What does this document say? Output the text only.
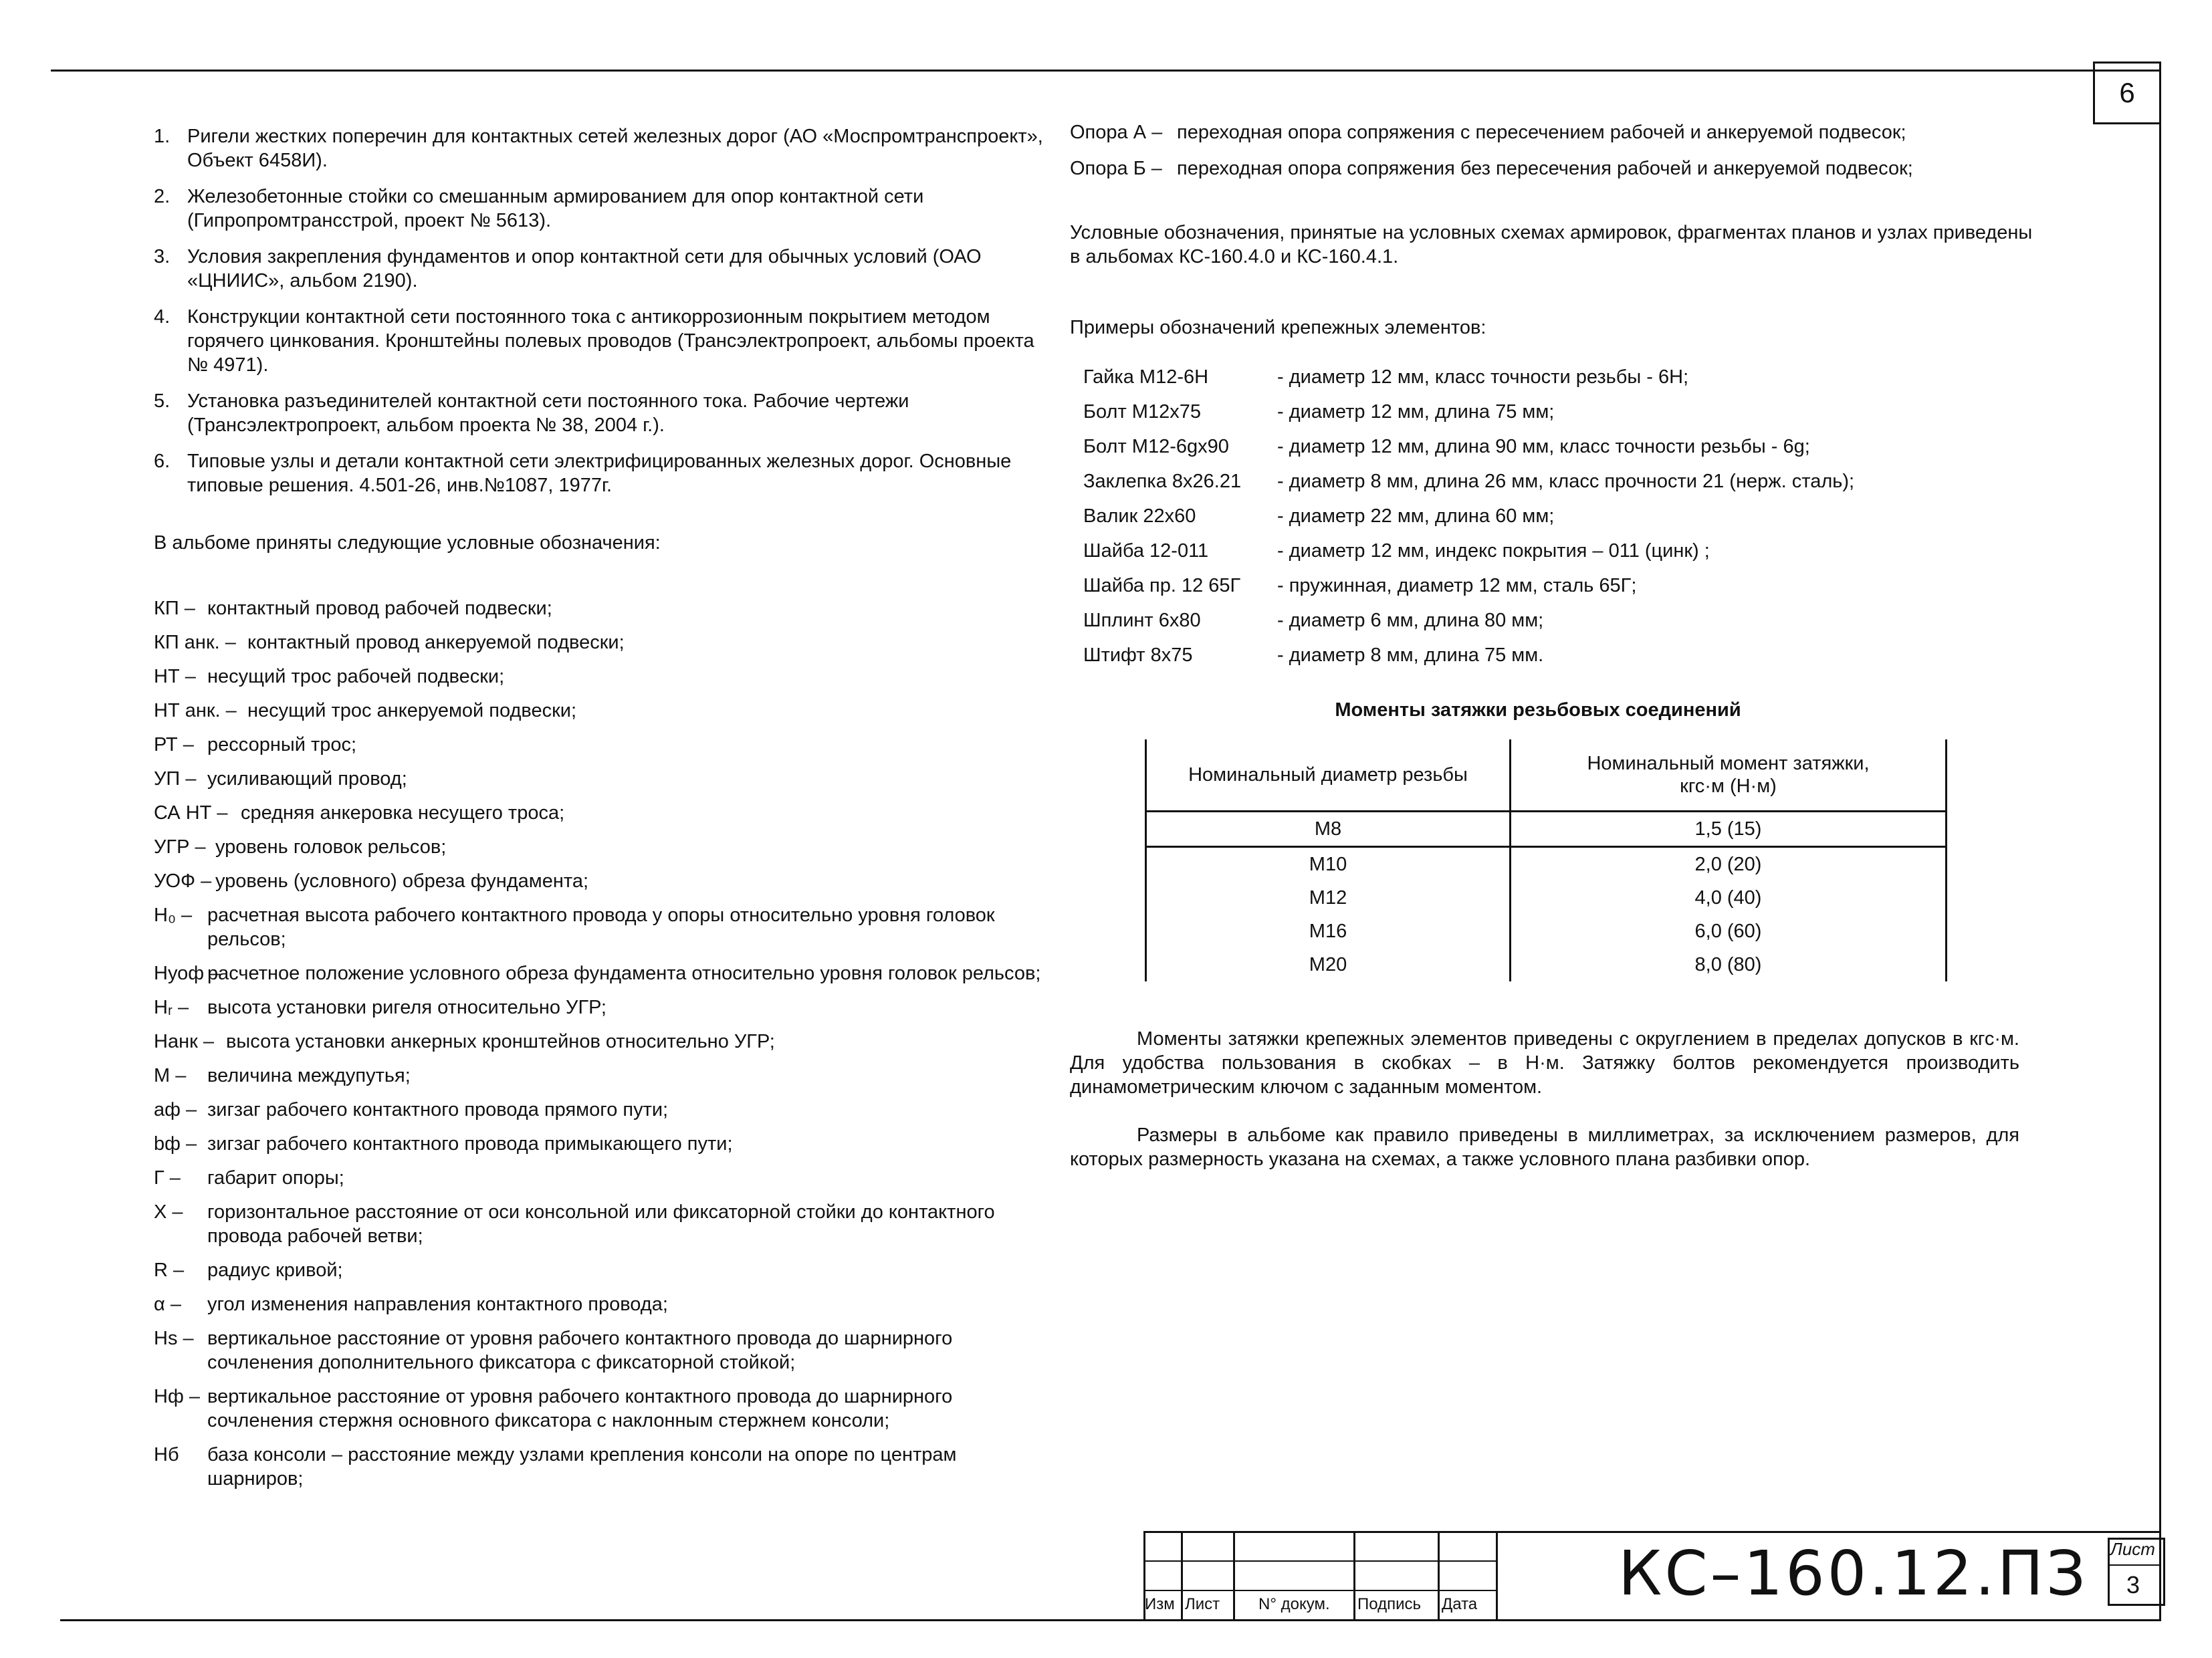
6
1. Ригели жестких поперечин для контактных сетей железных дорог (АО «Моспромтранспроект», Объект 6458И).
2. Железобетонные стойки со смешанным армированием для опор контактной сети (Гипропромтрансстрой, проект № 5613).
3. Условия закрепления фундаментов и опор контактной сети для обычных условий (ОАО «ЦНИИС», альбом 2190).
4. Конструкции контактной сети постоянного тока с антикоррозионным покрытием методом горячего цинкования. Кронштейны полевых проводов (Трансэлектропроект, альбомы проекта № 4971).
5. Установка разъединителей контактной сети постоянного тока. Рабочие чертежи (Трансэлектропроект, альбом проекта № 38, 2004 г.).
6. Типовые узлы и детали контактной сети электрифицированных железных дорог. Основные типовые решения. 4.501-26, инв.№1087, 1977г.

В альбоме приняты следующие условные обозначения:

КП – контактный провод рабочей подвески;
КП анк. – контактный провод анкеруемой подвески;
НТ – несущий трос рабочей подвески;
НТ анк. – несущий трос анкеруемой подвески;
РТ – рессорный трос;
УП – усиливающий провод;
СА НТ – средняя анкеровка несущего троса;
УГР – уровень головок рельсов;
УОФ – уровень (условного) обреза фундамента;
H₀ – расчетная высота рабочего контактного провода у опоры относительно уровня головок рельсов;
Hуоф –
расчетное положение условного обреза фундамента относительно уровня головок рельсов;
Hᵣ – высота установки ригеля относительно УГР;
Нанк – высота установки анкерных кронштейнов относительно УГР;
М – величина междупутья;
aф – зигзаг рабочего контактного провода прямого пути;
bф – зигзаг рабочего контактного провода примыкающего пути;
Г – габарит опоры;
X – горизонтальное расстояние от оси консольной или фиксаторной стойки до контактного провода рабочей ветви;
R – радиус кривой;
α – угол изменения направления контактного провода;
Hs – вертикальное расстояние от уровня рабочего контактного провода до шарнирного сочленения дополнительного фиксатора с фиксаторной стойкой;
Hф – вертикальное расстояние от уровня рабочего контактного провода до шарнирного сочленения стержня основного фиксатора с наклонным стержнем консоли;
Hб база консоли – расстояние между узлами крепления консоли на опоре по центрам шарниров;
Опора А – переходная опора сопряжения с пересечением рабочей и анкеруемой подвесок;
Опора Б – переходная опора сопряжения без пересечения рабочей и анкеруемой подвесок;

Условные обозначения, принятые на условных схемах армировок, фрагментах планов и узлах приведены в альбомах КС-160.4.0 и КС-160.4.1.

Примеры обозначений крепежных элементов:

Гайка М12-6Н	- диаметр 12 мм, класс точности резьбы - 6Н;
Болт М12х75	- диаметр 12 мм, длина 75 мм;
Болт М12-6gх90	- диаметр 12 мм, длина 90 мм, класс точности резьбы - 6g;
Заклепка 8х26.21	- диаметр 8 мм, длина 26 мм, класс прочности 21 (нерж. сталь);
Валик 22х60	- диаметр 22 мм, длина 60 мм;
Шайба 12-011	- диаметр 12 мм, индекс покрытия – 011 (цинк) ;
Шайба пр. 12 65Г	- пружинная, диаметр 12 мм, сталь 65Г;
Шплинт 6х80	- диаметр 6 мм, длина 80 мм;
Штифт 8х75	- диаметр 8 мм, длина 75 мм.
Моменты затяжки резьбовых соединений
Номинальный диаметр резьбы	Номинальный момент затяжки,
кгс·м (Н·м)

М8	1,5 (15)
М10	2,0 (20)
М12	4,0 (40)
М16	6,0 (60)
М20	8,0 (80)

Моменты затяжки крепежных элементов приведены с округлением в пределах допусков в кгс·м. Для удобства пользования в скобках – в Н·м. Затяжку болтов рекомендуется производить динамометрическим ключом с заданным моментом.

Размеры в альбоме как правило приведены в миллиметрах, за исключением размеров, для которых размерность указана на схемах, а также условного плана разбивки опор.

Изм Лист N° докум. Подпись Дата КС–160.12.ПЗ Лист
3
